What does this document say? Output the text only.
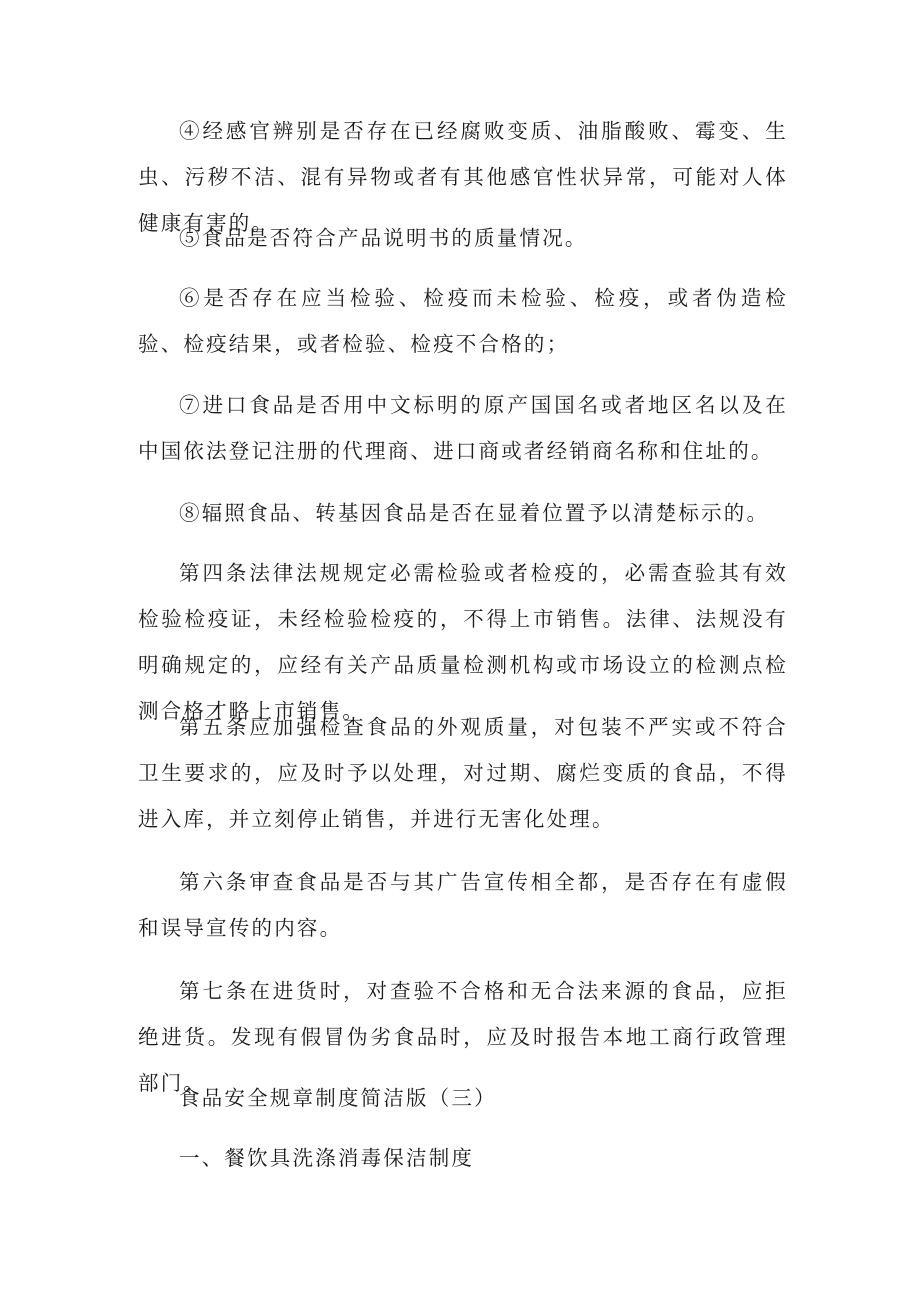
④经感官辨别是否存在已经腐败变质、油脂酸败、霉变、生虫、污秽不洁、混有异物或者有其他感官性状异常，可能对人体健康有害的。

⑤食品是否符合产品说明书的质量情况。

⑥是否存在应当检验、检疫而未检验、检疫，或者伪造检验、检疫结果，或者检验、检疫不合格的；

⑦进口食品是否用中文标明的原产国国名或者地区名以及在中国依法登记注册的代理商、进口商或者经销商名称和住址的。

⑧辐照食品、转基因食品是否在显着位置予以清楚标示的。

第四条法律法规规定必需检验或者检疫的，必需查验其有效检验检疫证，未经检验检疫的，不得上市销售。法律、法规没有明确规定的，应经有关产品质量检测机构或市场设立的检测点检测合格才略上市销售。

第五条应加强检查食品的外观质量，对包装不严实或不符合卫生要求的，应及时予以处理，对过期、腐烂变质的食品，不得进入库，并立刻停止销售，并进行无害化处理。

第六条审查食品是否与其广告宣传相全都，是否存在有虚假和误导宣传的内容。

第七条在进货时，对查验不合格和无合法来源的食品，应拒绝进货。发现有假冒伪劣食品时，应及时报告本地工商行政管理部门。

食品安全规章制度简洁版（三）

一、餐饮具洗涤消毒保洁制度
